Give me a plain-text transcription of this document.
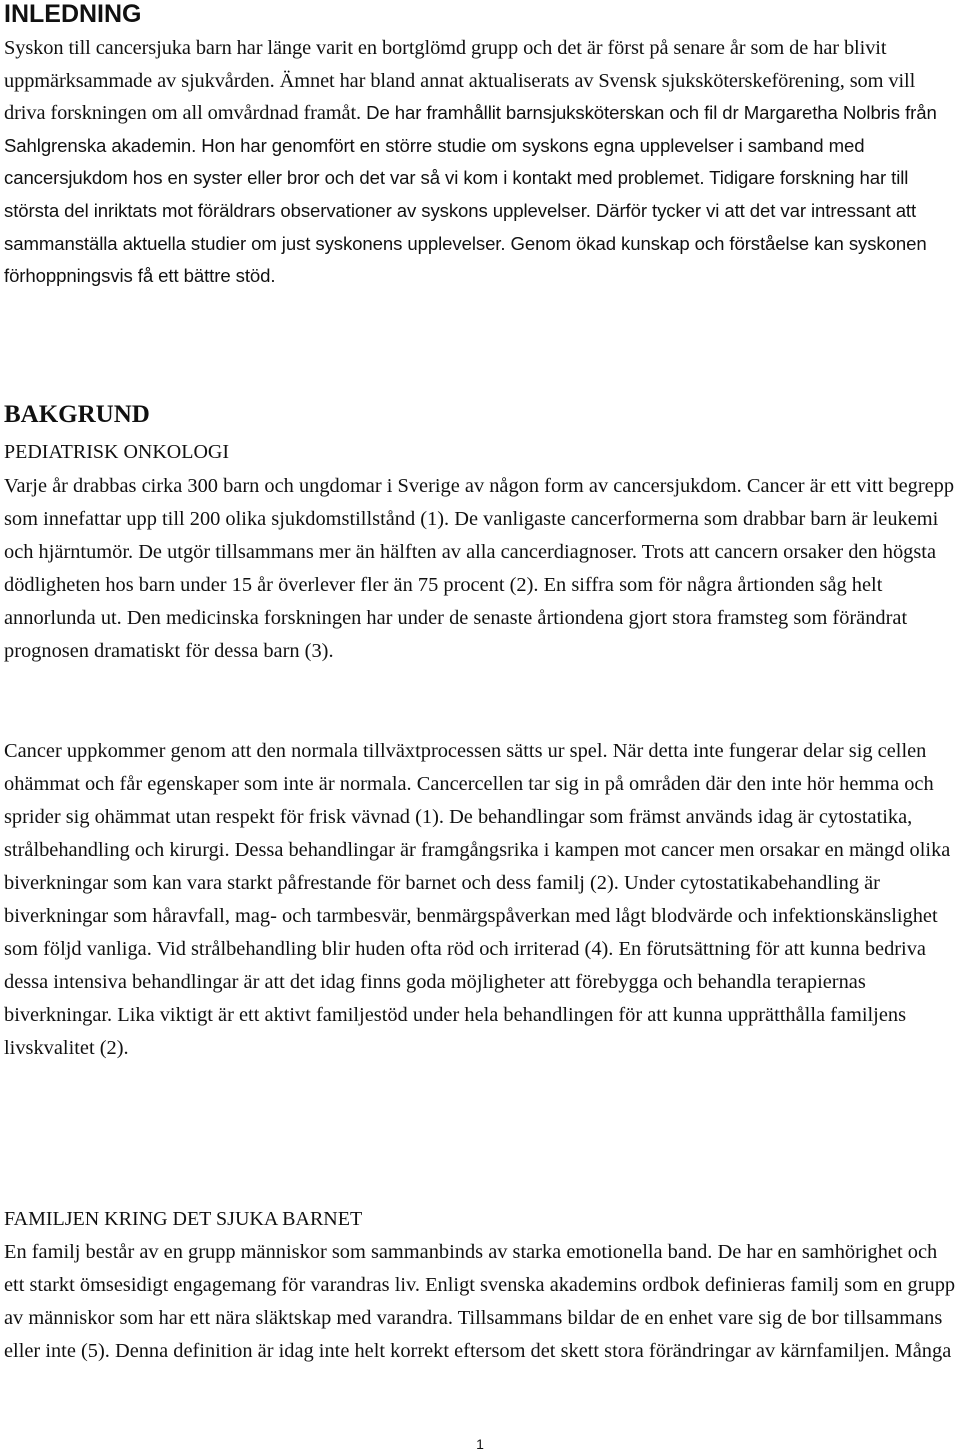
INLEDNING

Syskon till cancersjuka barn har länge varit en bortglömd grupp och det är först på senare år som de har blivit uppmärksammade av sjukvården. Ämnet har bland annat aktualiserats av Svensk sjuksköterskeförening, som vill driva forskningen om all omvårdnad framåt. De har framhållit barnsjuksköterskan och fil dr Margaretha Nolbris från Sahlgrenska akademin. Hon har genomfört en större studie om syskons egna upplevelser i samband med cancersjukdom hos en syster eller bror och det var så vi kom i kontakt med problemet. Tidigare forskning har till största del inriktats mot föräldrars observationer av syskons upplevelser. Därför tycker vi att det var intressant att sammanställa aktuella studier om just syskonens upplevelser. Genom ökad kunskap och förståelse kan syskonen förhoppningsvis få ett bättre stöd.

BAKGRUND
PEDIATRISK ONKOLOGI

Varje år drabbas cirka 300 barn och ungdomar i Sverige av någon form av cancersjukdom. Cancer är ett vitt begrepp som innefattar upp till 200 olika sjukdomstillstånd (1). De vanligaste cancerformerna som drabbar barn är leukemi och hjärntumör. De utgör tillsammans mer än hälften av alla cancerdiagnoser. Trots att cancern orsaker den högsta dödligheten hos barn under 15 år överlever fler än 75 procent (2). En siffra som för några årtionden såg helt annorlunda ut. Den medicinska forskningen har under de senaste årtiondena gjort stora framsteg som förändrat prognosen dramatiskt för dessa barn (3).

Cancer uppkommer genom att den normala tillväxtprocessen sätts ur spel. När detta inte fungerar delar sig cellen ohämmat och får egenskaper som inte är normala. Cancercellen tar sig in på områden där den inte hör hemma och sprider sig ohämmat utan respekt för frisk vävnad (1). De behandlingar som främst används idag är cytostatika, strålbehandling och kirurgi. Dessa behandlingar är framgångsrika i kampen mot cancer men orsakar en mängd olika biverkningar som kan vara starkt påfrestande för barnet och dess familj (2). Under cytostatikabehandling är biverkningar som håravfall, mag- och tarmbesvär, benmärgspåverkan med lågt blodvärde och infektionskänslighet som följd vanliga. Vid strålbehandling blir huden ofta röd och irriterad (4). En förutsättning för att kunna bedriva dessa intensiva behandlingar är att det idag finns goda möjligheter att förebygga och behandla terapiernas biverkningar. Lika viktigt är ett aktivt familjestöd under hela behandlingen för att kunna upprätthålla familjens livskvalitet (2).

FAMILJEN KRING DET SJUKA BARNET

En familj består av en grupp människor som sammanbinds av starka emotionella band. De har en samhörighet och ett starkt ömsesidigt engagemang för varandras liv. Enligt svenska akademins ordbok definieras familj som en grupp av människor som har ett nära släktskap med varandra. Tillsammans bildar de en enhet vare sig de bor tillsammans eller inte (5). Denna definition är idag inte helt korrekt eftersom det skett stora förändringar av kärnfamiljen. Många

1
